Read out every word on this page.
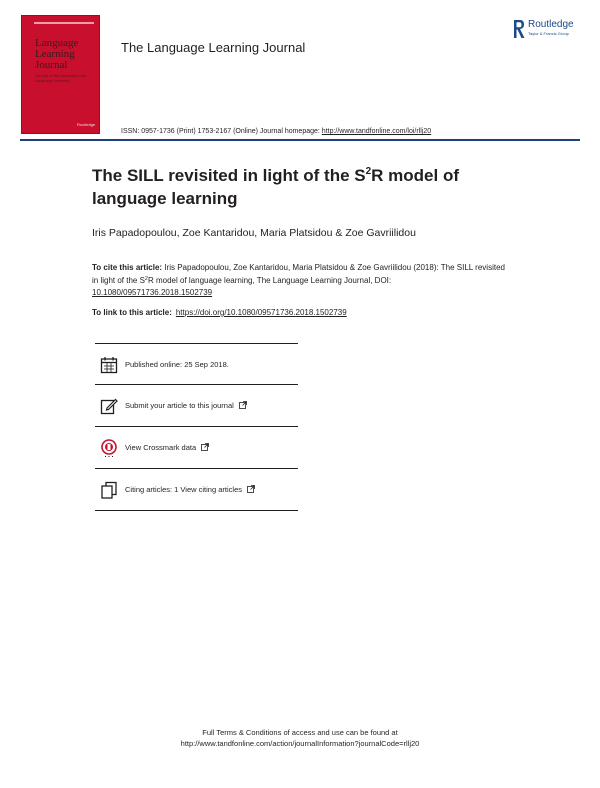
Language Learning Journal
Journal of the Association for Language Learning
Routledge
The Language Learning Journal
Routledge
Taylor & Francis Group
ISSN: 0957-1736 (Print) 1753-2167 (Online) Journal homepage: http://www.tandfonline.com/loi/rllj20
The SILL revisited in light of the $S^2R$ model of language learning
Iris Papadopoulou, Zoe Kantaridou, Maria Platsidou & Zoe Gavriilidou
To cite this article: Iris Papadopoulou, Zoe Kantaridou, Maria Platsidou & Zoe Gavriilidou (2018): The SILL revisited in light of the $S^2R$ model of language learning, The Language Learning Journal, DOI: 10.1080/09571736.2018.1502739
To link to this article: https://doi.org/10.1080/09571736.2018.1502739
Published online: 25 Sep 2018.
Submit your article to this journal
View Crossmark data
Citing articles: 1 View citing articles
Full Terms & Conditions of access and use can be found at
http://www.tandfonline.com/action/journalInformation?journalCode=rllj20
